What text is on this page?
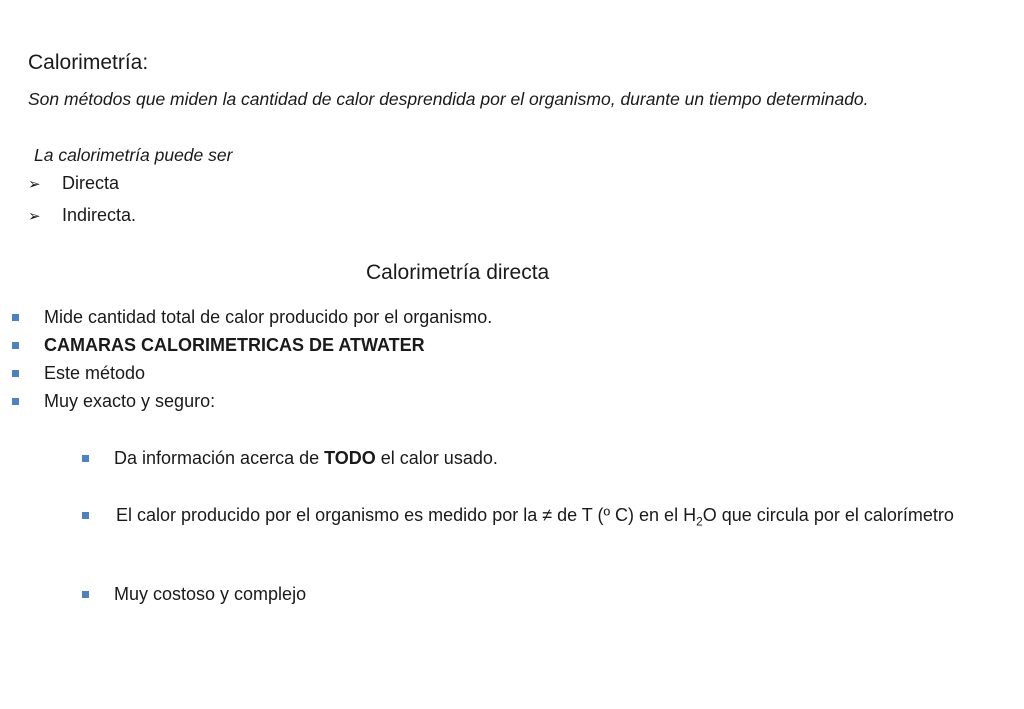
Calorimetría:
Son métodos que miden la cantidad de calor desprendida por el organismo, durante un tiempo determinado.
La calorimetría puede ser
➢	Directa
➢	Indirecta.
Calorimetría directa
Mide cantidad total de calor producido por el organismo.
CAMARAS CALORIMETRICAS DE ATWATER
Este método
Muy exacto y seguro:
Da información acerca de TODO el calor usado.
El calor producido por el organismo es medido por la ≠ de T (º C) en el $H_2O$ que circula por el calorímetro
Muy costoso y complejo
